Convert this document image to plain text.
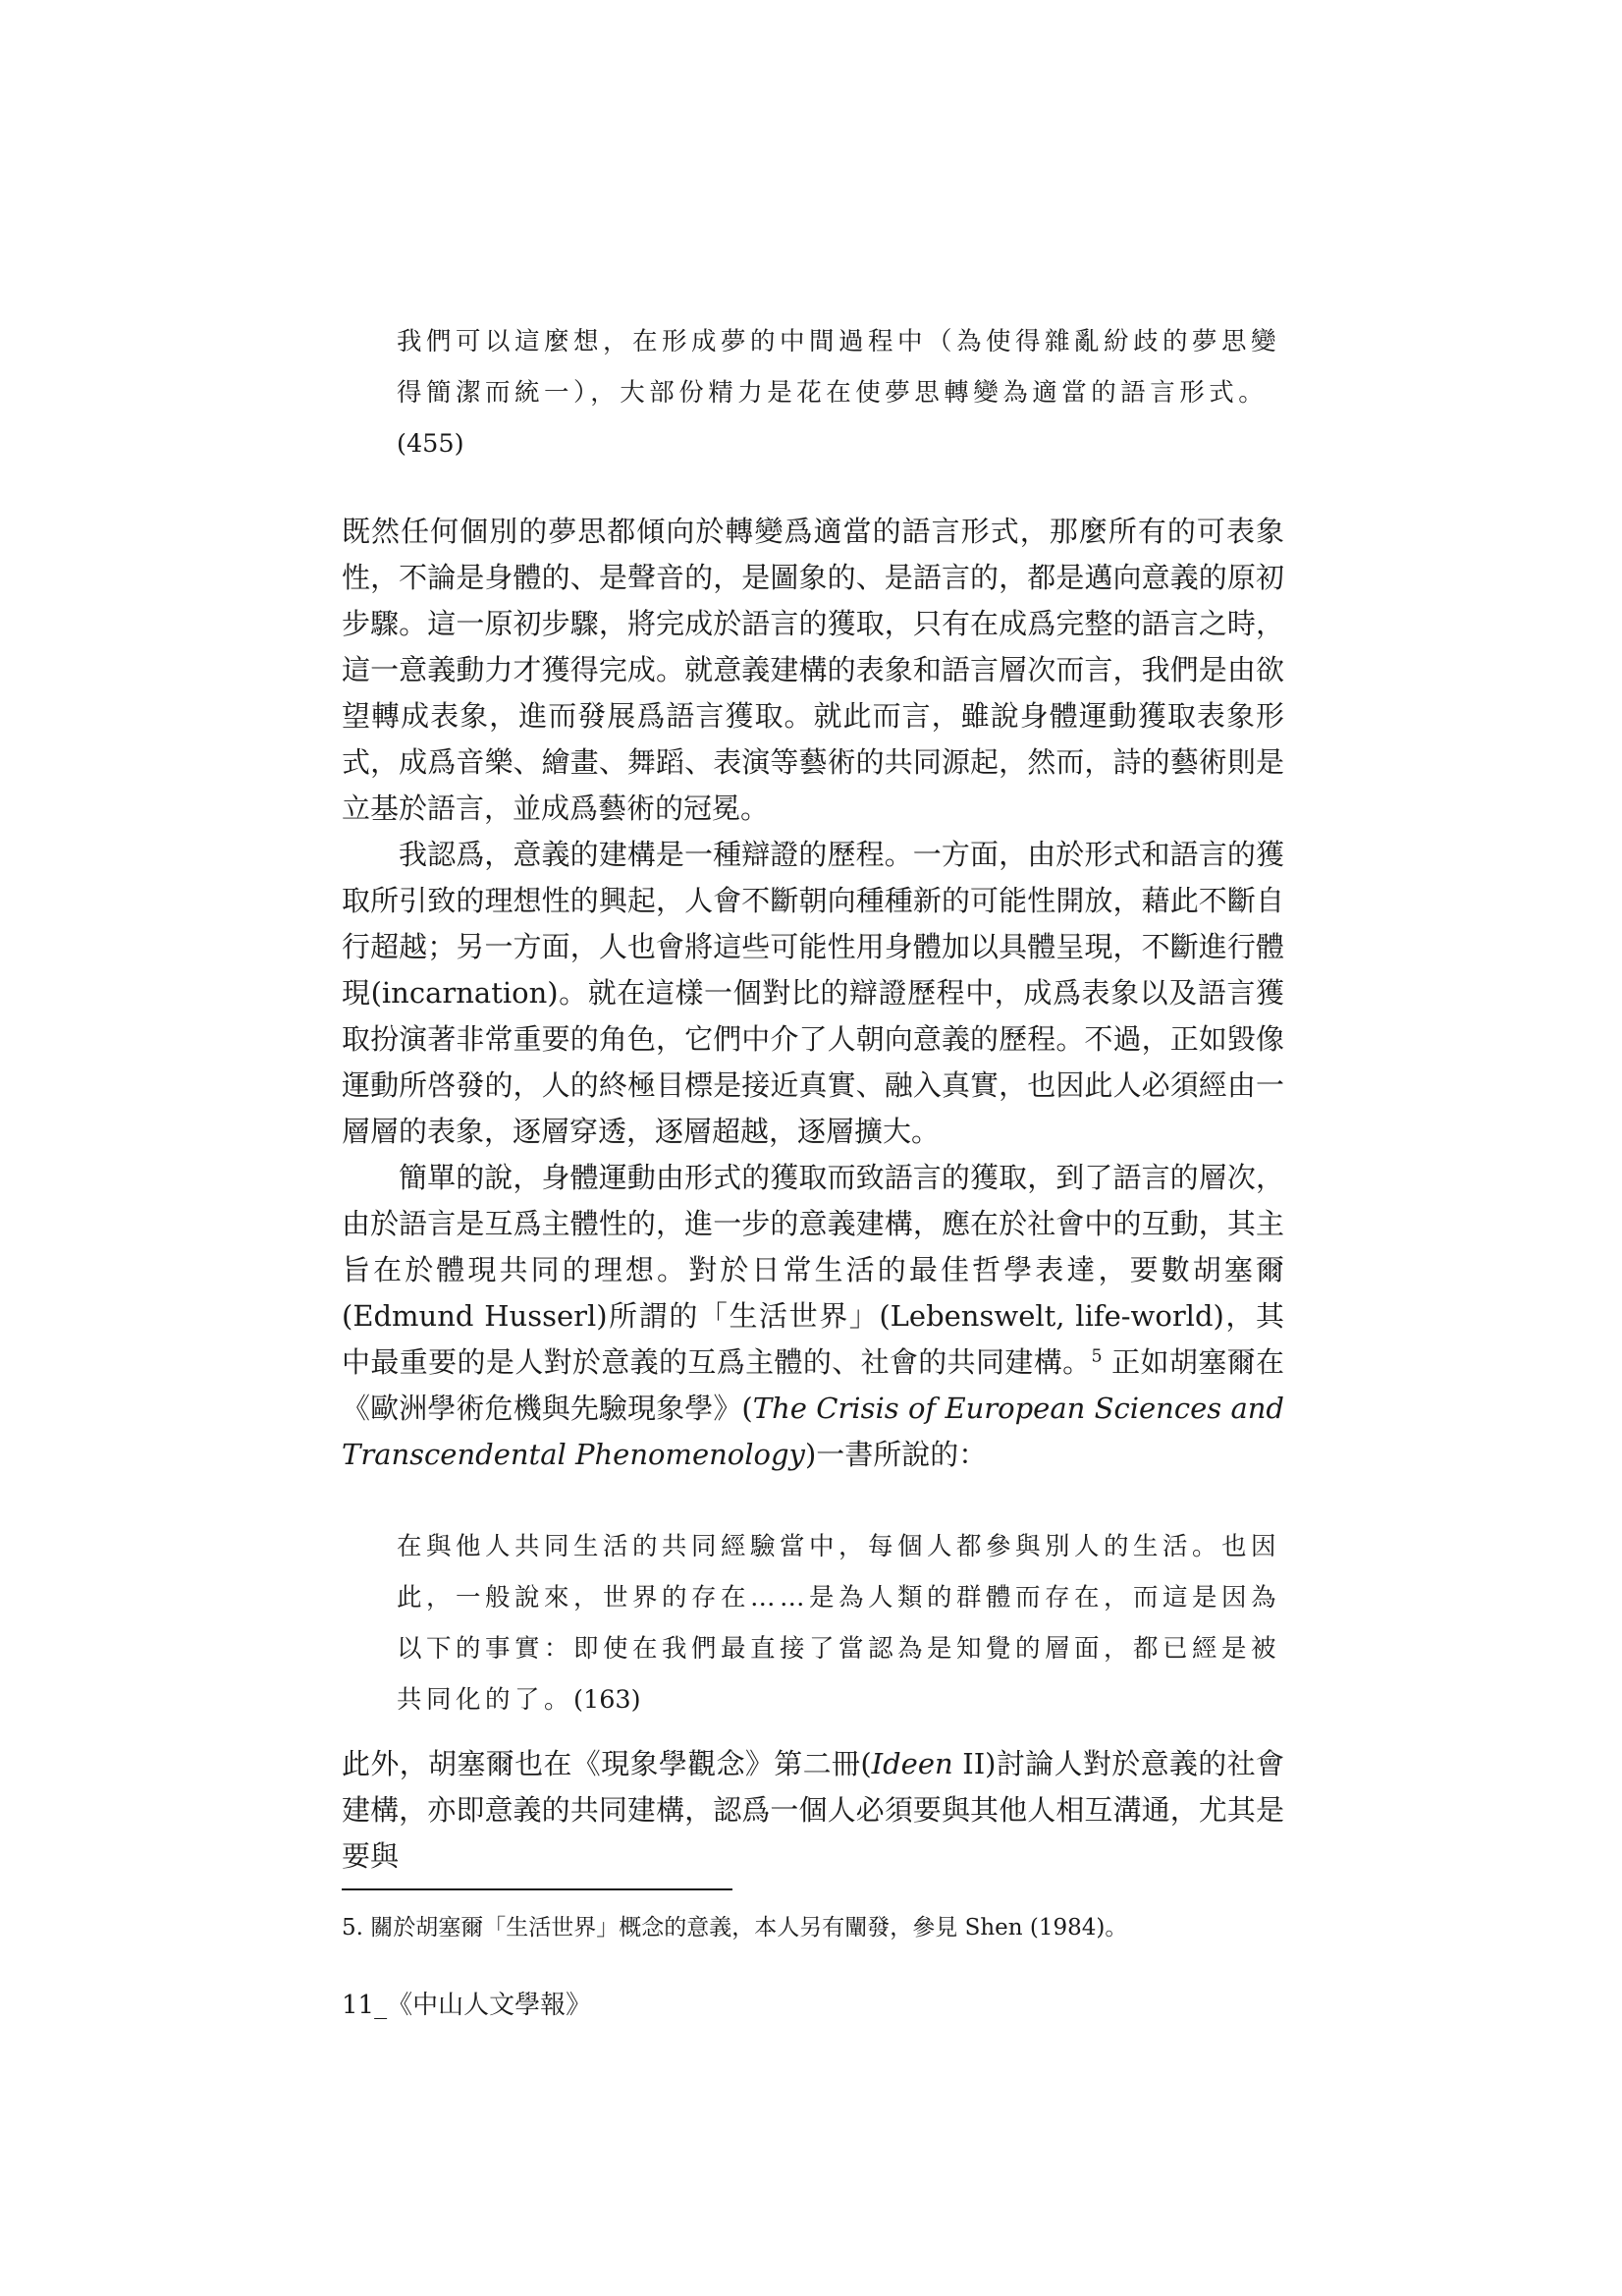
我們可以這麼想，在形成夢的中間過程中（為使得雜亂紛歧的夢思變

得簡潔而統一），大部份精力是花在使夢思轉變為適當的語言形式。

(455)

既然任何個別的夢思都傾向於轉變爲適當的語言形式，那麼所有的可表象性，不論是身體的、是聲音的，是圖象的、是語言的，都是邁向意義的原初步驟。這一原初步驟，將完成於語言的獲取，只有在成爲完整的語言之時，這一意義動力才獲得完成。就意義建構的表象和語言層次而言，我們是由欲望轉成表象，進而發展爲語言獲取。就此而言，雖說身體運動獲取表象形式，成爲音樂、繪畫、舞蹈、表演等藝術的共同源起，然而，詩的藝術則是立基於語言，並成爲藝術的冠冕。

我認爲，意義的建構是一種辯證的歷程。一方面，由於形式和語言的獲取所引致的理想性的興起，人會不斷朝向種種新的可能性開放，藉此不斷自行超越；另一方面，人也會將這些可能性用身體加以具體呈現，不斷進行體現(incarnation)。就在這樣一個對比的辯證歷程中，成爲表象以及語言獲取扮演著非常重要的角色，它們中介了人朝向意義的歷程。不過，正如毀像運動所啓發的，人的終極目標是接近真實、融入真實，也因此人必須經由一層層的表象，逐層穿透，逐層超越，逐層擴大。

簡單的說，身體運動由形式的獲取而致語言的獲取，到了語言的層次，由於語言是互爲主體性的，進一步的意義建構，應在於社會中的互動，其主旨在於體現共同的理想。對於日常生活的最佳哲學表達，要數胡塞爾(Edmund Husserl)所謂的「生活世界」(Lebenswelt, life-world)，其中最重要的是人對於意義的互爲主體的、社會的共同建構。$^5$ 正如胡塞爾在《歐洲學術危機與先驗現象學》(The Crisis of European Sciences and Transcendental Phenomenology)一書所說的：

在與他人共同生活的共同經驗當中，每個人都參與別人的生活。也因

此，一般說來，世界的存在……是為人類的群體而存在，而這是因為

以下的事實：即使在我們最直接了當認為是知覺的層面，都已經是被

共同化的了。(163)

此外，胡塞爾也在《現象學觀念》第二冊(Ideen II)討論人對於意義的社會建構，亦即意義的共同建構，認爲一個人必須要與其他人相互溝通，尤其是要與

5. 關於胡塞爾「生活世界」概念的意義，本人另有闡發，參見 Shen (1984)。
11_《中山人文學報》
